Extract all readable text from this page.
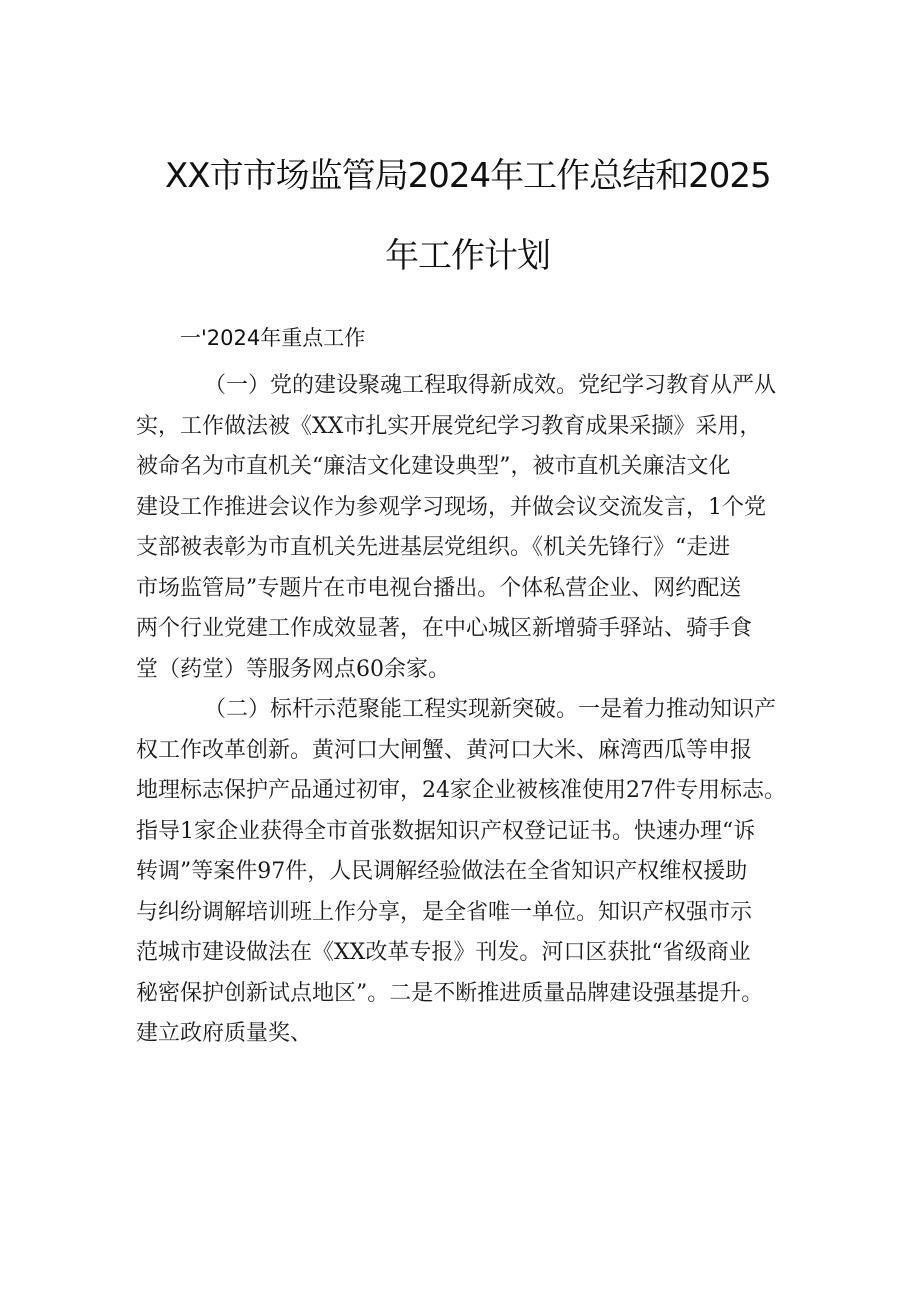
XX市市场监管局2024年工作总结和2025
年工作计划
一'2024年重点工作
（一）党的建设聚魂工程取得新成效。党纪学习教育从严从
实，工作做法被《XX市扎实开展党纪学习教育成果采撷》采用，
被命名为市直机关“廉洁文化建设典型”，被市直机关廉洁文化
建设工作推进会议作为参观学习现场，并做会议交流发言，1个党
支部被表彰为市直机关先进基层党组织。《机关先锋行》“走进
市场监管局”专题片在市电视台播出。个体私营企业、网约配送
两个行业党建工作成效显著，在中心城区新增骑手驿站、骑手食
堂（药堂）等服务网点60余家。
（二）标杆示范聚能工程实现新突破。一是着力推动知识产
权工作改革创新。黄河口大闸蟹、黄河口大米、麻湾西瓜等申报
地理标志保护产品通过初审，24家企业被核准使用27件专用标志。
指导1家企业获得全市首张数据知识产权登记证书。快速办理“诉
转调”等案件97件，人民调解经验做法在全省知识产权维权援助
与纠纷调解培训班上作分享，是全省唯一单位。知识产权强市示
范城市建设做法在《XX改革专报》刊发。河口区获批“省级商业
秘密保护创新试点地区”。二是不断推进质量品牌建设强基提升。
建立政府质量奖、
